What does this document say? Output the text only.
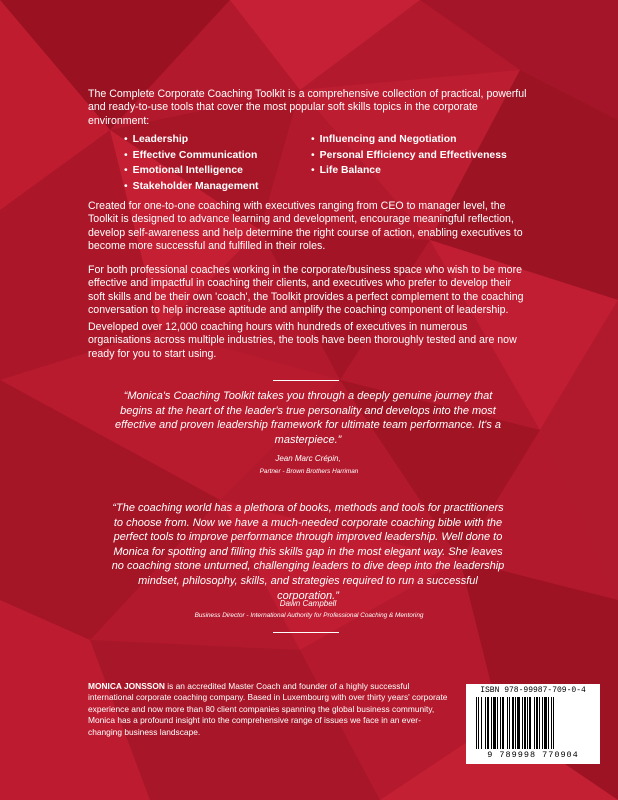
The Complete Corporate Coaching Toolkit is a comprehensive collection of practical, powerful and ready-to-use tools that cover the most popular soft skills topics in the corporate environment:

• Leadership
• Effective Communication
• Emotional Intelligence
• Stakeholder Management
• Influencing and Negotiation
• Personal Efficiency and Effectiveness
• Life Balance

Created for one-to-one coaching with executives ranging from CEO to manager level, the Toolkit is designed to advance learning and development, encourage meaningful reflection, develop self-awareness and help determine the right course of action, enabling executives to become more successful and fulfilled in their roles.

For both professional coaches working in the corporate/business space who wish to be more effective and impactful in coaching their clients, and executives who prefer to develop their soft skills and be their own 'coach', the Toolkit provides a perfect complement to the coaching conversation to help increase aptitude and amplify the coaching component of leadership.

Developed over 12,000 coaching hours with hundreds of executives in numerous organisations across multiple industries, the tools have been thoroughly tested and are now ready for you to start using.

“Monica's Coaching Toolkit takes you through a deeply genuine journey that begins at the heart of the leader's true personality and develops into the most effective and proven leadership framework for ultimate team performance. It's a masterpiece.”

Jean Marc Crépin,

Partner - Brown Brothers Harriman

“The coaching world has a plethora of books, methods and tools for practitioners to choose from. Now we have a much-needed corporate coaching bible with the perfect tools to improve performance through improved leadership. Well done to Monica for spotting and filling this skills gap in the most elegant way. She leaves no coaching stone unturned, challenging leaders to dive deep into the leadership mindset, philosophy, skills, and strategies required to run a successful corporation.”

Dawn Campbell

Business Director - International Authority for Professional Coaching & Mentoring

MONICA JONSSON is an accredited Master Coach and founder of a highly successful international corporate coaching company. Based in Luxembourg with over thirty years' corporate experience and now more than 80 client companies spanning the global business community, Monica has a profound insight into the comprehensive range of issues we face in an ever-changing business landscape.

ISBN 978-99987-709-0-4
9 789998 770904
